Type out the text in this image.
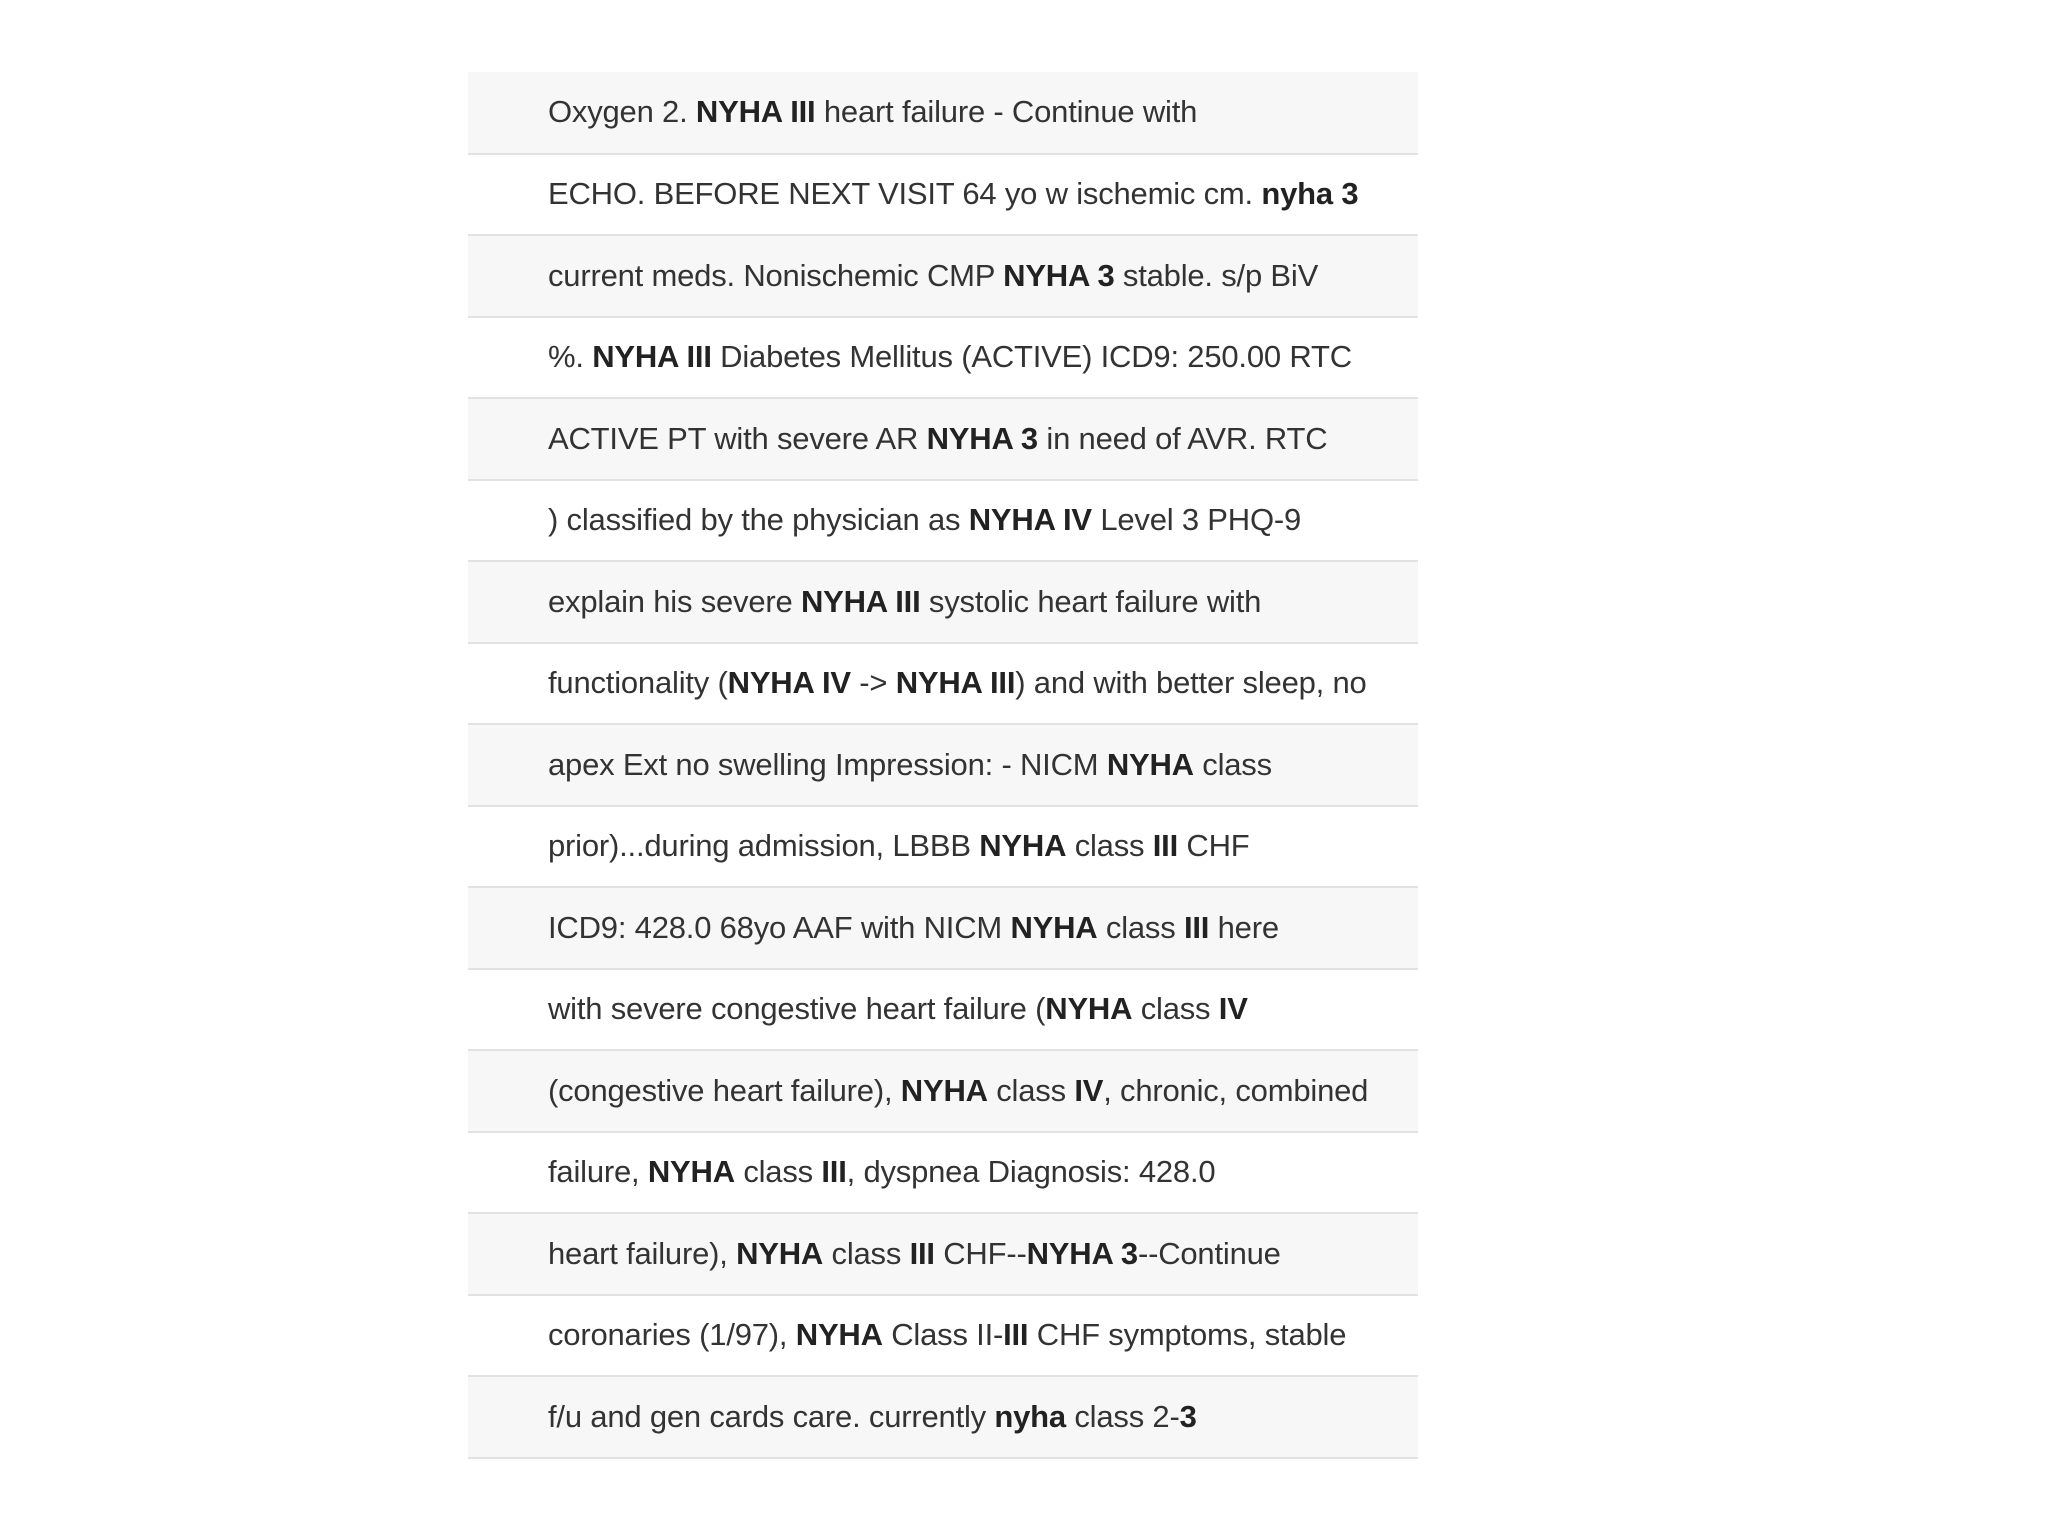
Oxygen 2. NYHA III heart failure - Continue with
ECHO. BEFORE NEXT VISIT 64 yo w ischemic cm. nyha 3
current meds. Nonischemic CMP NYHA 3 stable. s/p BiV
%. NYHA III Diabetes Mellitus (ACTIVE) ICD9: 250.00 RTC
ACTIVE PT with severe AR NYHA 3 in need of AVR. RTC
) classified by the physician as NYHA IV Level 3 PHQ-9
explain his severe NYHA III systolic heart failure with
functionality (NYHA IV -> NYHA III) and with better sleep, no
apex Ext no swelling Impression: - NICM NYHA class
prior)...during admission, LBBB NYHA class III CHF
ICD9: 428.0 68yo AAF with NICM NYHA class III here
with severe congestive heart failure (NYHA class IV
(congestive heart failure), NYHA class IV, chronic, combined
failure, NYHA class III, dyspnea Diagnosis: 428.0
heart failure), NYHA class III CHF--NYHA 3--Continue
coronaries (1/97), NYHA Class II-III CHF symptoms, stable
f/u and gen cards care. currently nyha class 2-3
